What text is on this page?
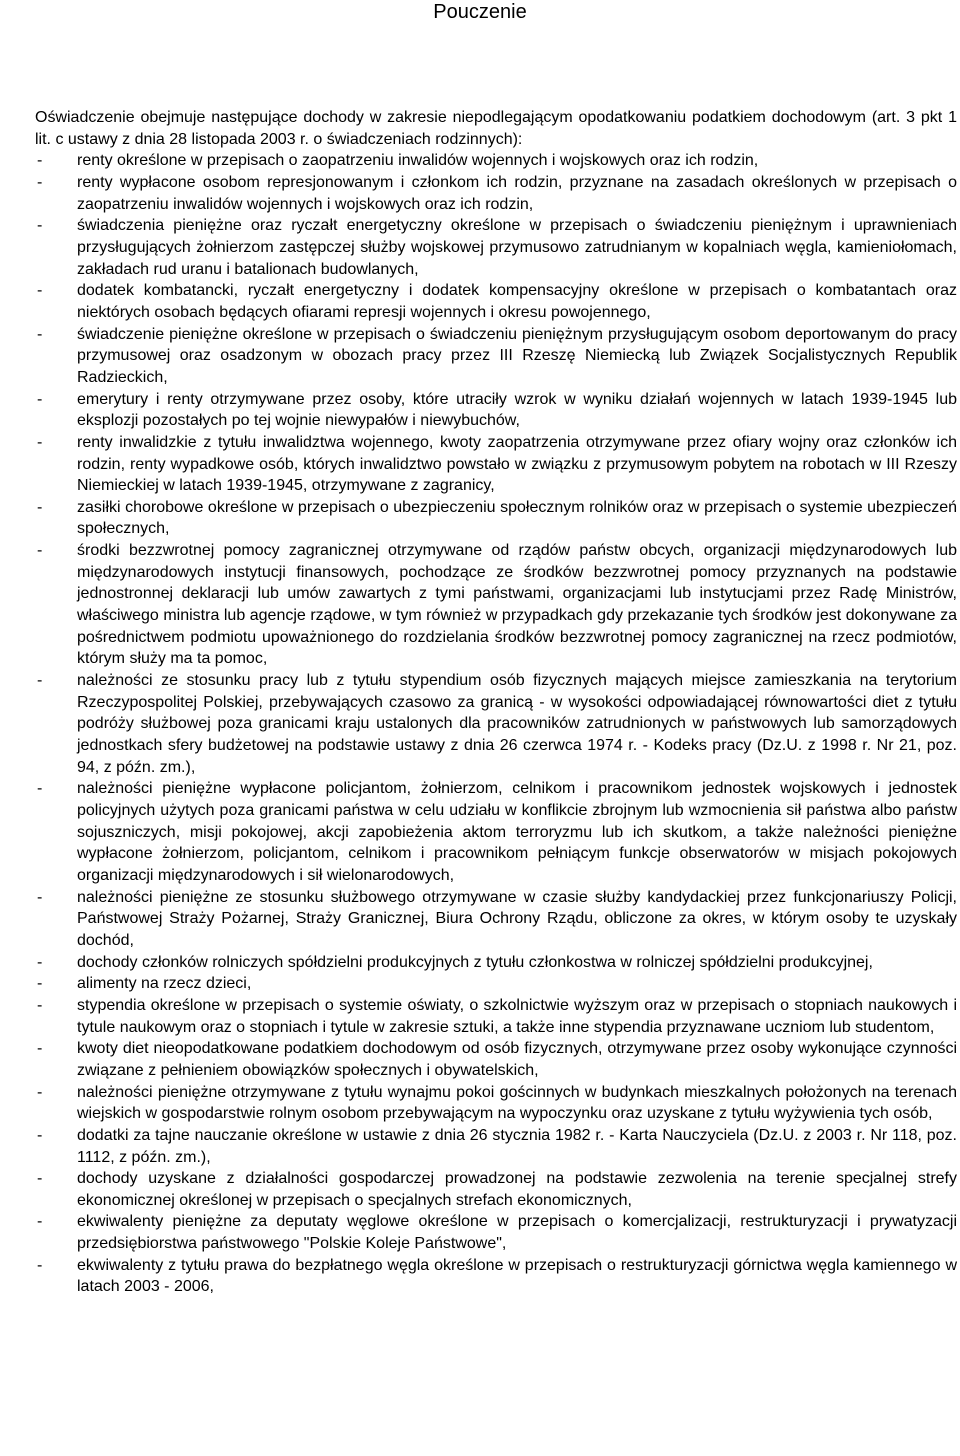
Pouczenie

Oświadczenie obejmuje następujące dochody w zakresie niepodlegającym opodatkowaniu podatkiem dochodowym (art. 3 pkt 1 lit. c ustawy z dnia 28 listopada 2003 r. o świadczeniach rodzinnych):

- renty określone w przepisach o zaopatrzeniu inwalidów wojennych i wojskowych oraz ich rodzin,
- renty wypłacone osobom represjonowanym i członkom ich rodzin, przyznane na zasadach określonych w przepisach o zaopatrzeniu inwalidów wojennych i wojskowych oraz ich rodzin,
- świadczenia pieniężne oraz ryczałt energetyczny określone w przepisach o świadczeniu pieniężnym i uprawnieniach przysługujących żołnierzom zastępczej służby wojskowej przymusowo zatrudnianym w kopalniach węgla, kamieniołomach, zakładach rud uranu i batalionach budowlanych,
- dodatek kombatancki, ryczałt energetyczny i dodatek kompensacyjny określone w przepisach o kombatantach oraz niektórych osobach będących ofiarami represji wojennych i okresu powojennego,
- świadczenie pieniężne określone w przepisach o świadczeniu pieniężnym przysługującym osobom deportowanym do pracy przymusowej oraz osadzonym w obozach pracy przez III Rzeszę Niemiecką lub Związek Socjalistycznych Republik Radzieckich,
- emerytury i renty otrzymywane przez osoby, które utraciły wzrok w wyniku działań wojennych w latach 1939-1945 lub eksplozji pozostałych po tej wojnie niewypałów i niewybuchów,
- renty inwalidzkie z tytułu inwalidztwa wojennego, kwoty zaopatrzenia otrzymywane przez ofiary wojny oraz członków ich rodzin, renty wypadkowe osób, których inwalidztwo powstało w związku z przymusowym pobytem na robotach w III Rzeszy Niemieckiej w latach 1939-1945, otrzymywane z zagranicy,
- zasiłki chorobowe określone w przepisach o ubezpieczeniu społecznym rolników oraz w przepisach o systemie ubezpieczeń społecznych,
- środki bezzwrotnej pomocy zagranicznej otrzymywane od rządów państw obcych, organizacji międzynarodowych lub międzynarodowych instytucji finansowych, pochodzące ze środków bezzwrotnej pomocy przyznanych na podstawie jednostronnej deklaracji lub umów zawartych z tymi państwami, organizacjami lub instytucjami przez Radę Ministrów, właściwego ministra lub agencje rządowe, w tym również w przypadkach gdy przekazanie tych środków jest dokonywane za pośrednictwem podmiotu upoważnionego do rozdzielania środków bezzwrotnej pomocy zagranicznej na rzecz podmiotów, którym służy ma ta pomoc,
- należności ze stosunku pracy lub z tytułu stypendium osób fizycznych mających miejsce zamieszkania na terytorium Rzeczypospolitej Polskiej, przebywających czasowo za granicą - w wysokości odpowiadającej równowartości diet z tytułu podróży służbowej poza granicami kraju ustalonych dla pracowników zatrudnionych w państwowych lub samorządowych jednostkach sfery budżetowej na podstawie ustawy z dnia 26 czerwca 1974 r. - Kodeks pracy (Dz.U. z 1998 r. Nr 21, poz. 94, z późn. zm.),
- należności pieniężne wypłacone policjantom, żołnierzom, celnikom i pracownikom jednostek wojskowych i jednostek policyjnych użytych poza granicami państwa w celu udziału w konflikcie zbrojnym lub wzmocnienia sił państwa albo państw sojuszniczych, misji pokojowej, akcji zapobieżenia aktom terroryzmu lub ich skutkom, a także należności pieniężne wypłacone żołnierzom, policjantom, celnikom i pracownikom pełniącym funkcje obserwatorów w misjach pokojowych organizacji międzynarodowych i sił wielonarodowych,
- należności pieniężne ze stosunku służbowego otrzymywane w czasie służby kandydackiej przez funkcjonariuszy Policji, Państwowej Straży Pożarnej, Straży Granicznej, Biura Ochrony Rządu, obliczone za okres, w którym osoby te uzyskały dochód,
- dochody członków rolniczych spółdzielni produkcyjnych z tytułu członkostwa w rolniczej spółdzielni produkcyjnej,
- alimenty na rzecz dzieci,
- stypendia określone w przepisach o systemie oświaty, o szkolnictwie wyższym oraz w przepisach o stopniach naukowych i tytule naukowym oraz o stopniach i tytule w zakresie sztuki, a także inne stypendia przyznawane uczniom lub studentom,
- kwoty diet nieopodatkowane podatkiem dochodowym od osób fizycznych, otrzymywane przez osoby wykonujące czynności związane z pełnieniem obowiązków społecznych i obywatelskich,
- należności pieniężne otrzymywane z tytułu wynajmu pokoi gościnnych w budynkach mieszkalnych położonych na terenach wiejskich w gospodarstwie rolnym osobom przebywającym na wypoczynku oraz uzyskane z tytułu wyżywienia tych osób,
- dodatki za tajne nauczanie określone w ustawie z dnia 26 stycznia 1982 r. - Karta Nauczyciela (Dz.U. z 2003 r. Nr 118, poz. 1112, z późn. zm.),
- dochody uzyskane z działalności gospodarczej prowadzonej na podstawie zezwolenia na terenie specjalnej strefy ekonomicznej określonej w przepisach o specjalnych strefach ekonomicznych,
- ekwiwalenty pieniężne za deputaty węglowe określone w przepisach o komercjalizacji, restrukturyzacji i prywatyzacji przedsiębiorstwa państwowego "Polskie Koleje Państwowe",
- ekwiwalenty z tytułu prawa do bezpłatnego węgla określone w przepisach o restrukturyzacji górnictwa węgla kamiennego w latach 2003 - 2006,
